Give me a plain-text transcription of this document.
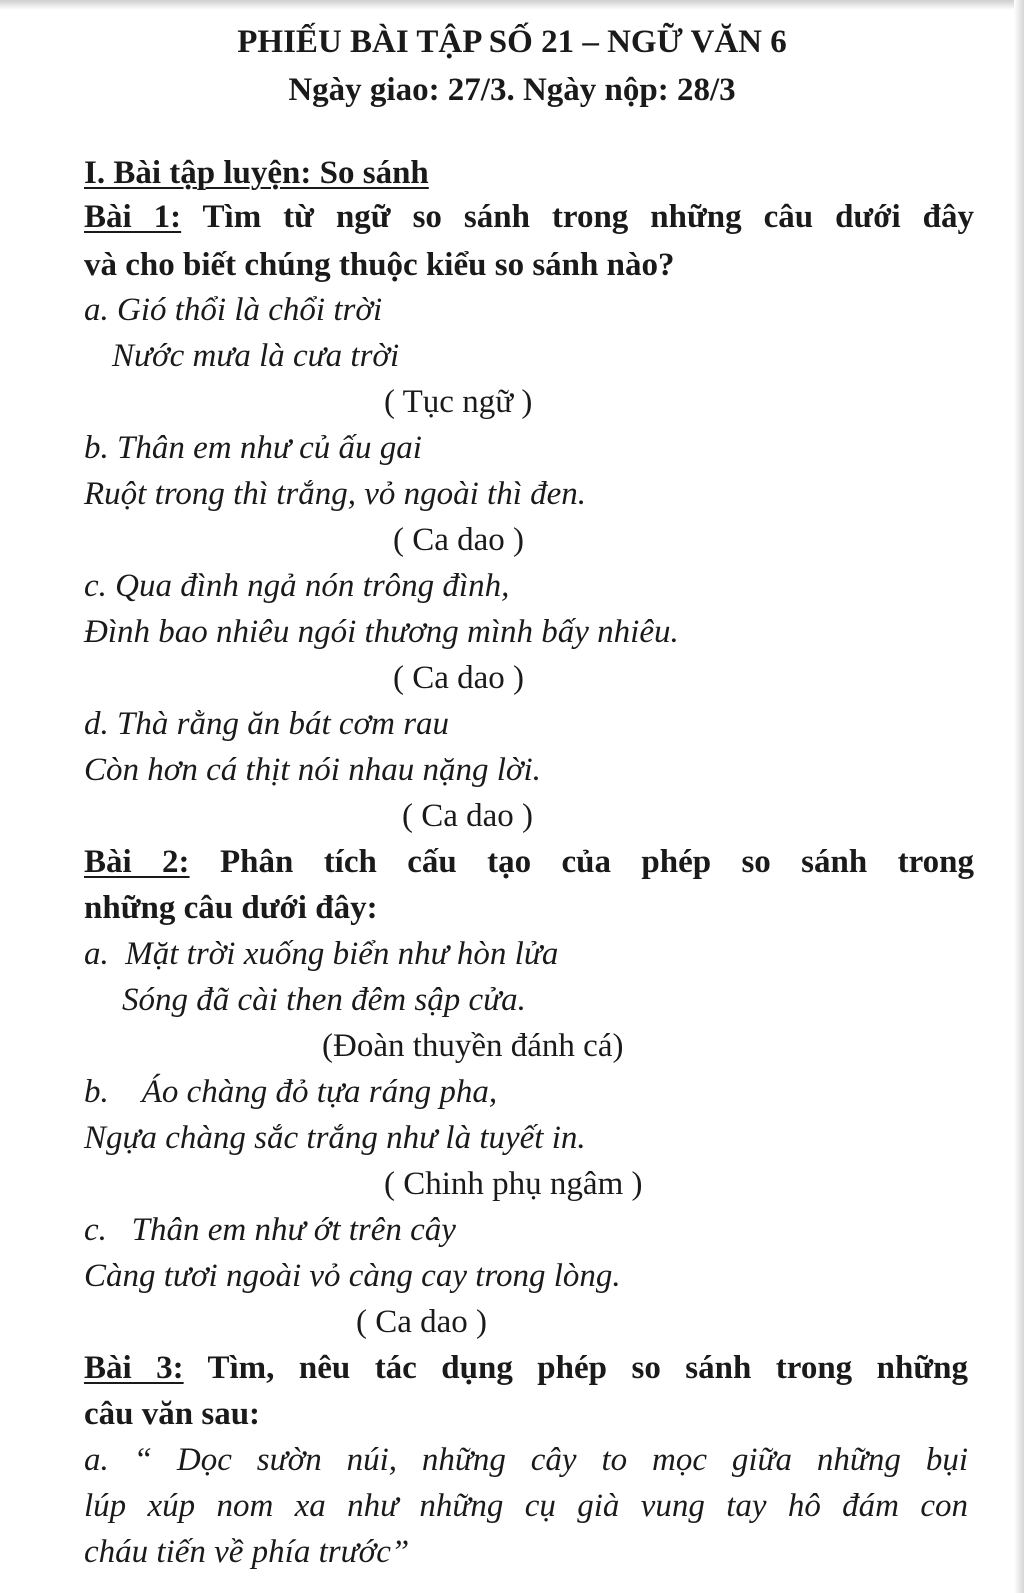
PHIẾU BÀI TẬP SỐ 21 – NGỮ VĂN 6
Ngày giao: 27/3. Ngày nộp: 28/3
I. Bài tập luyện: So sánh
Bài 1: Tìm từ ngữ so sánh trong những câu dưới đây
và cho biết chúng thuộc kiểu so sánh nào?
a. Gió thổi là chổi trời
Nước mưa là cưa trời
( Tục ngữ )
b. Thân em như củ ấu gai
Ruột trong thì trắng, vỏ ngoài thì đen.
( Ca dao )
c. Qua đình ngả nón trông đình,
Đình bao nhiêu ngói thương mình bấy nhiêu.
( Ca dao )
d. Thà rằng ăn bát cơm rau
Còn hơn cá thịt nói nhau nặng lời.
( Ca dao )
Bài 2: Phân tích cấu tạo của phép so sánh trong
những câu dưới đây:
a.  Mặt trời xuống biển như hòn lửa
Sóng đã cài then đêm sập cửa.
(Đoàn thuyền đánh cá)
b.    Áo chàng đỏ tựa ráng pha,
Ngựa chàng sắc trắng như là tuyết in.
( Chinh phụ ngâm )
c.   Thân em như ớt trên cây
Càng tươi ngoài vỏ càng cay trong lòng.
( Ca dao )
Bài 3: Tìm, nêu tác dụng phép so sánh trong những
câu văn sau:
a. “ Dọc sườn núi, những cây to mọc giữa những bụi
lúp xúp nom xa như những cụ già vung tay hô đám con
cháu tiến về phía trước”
